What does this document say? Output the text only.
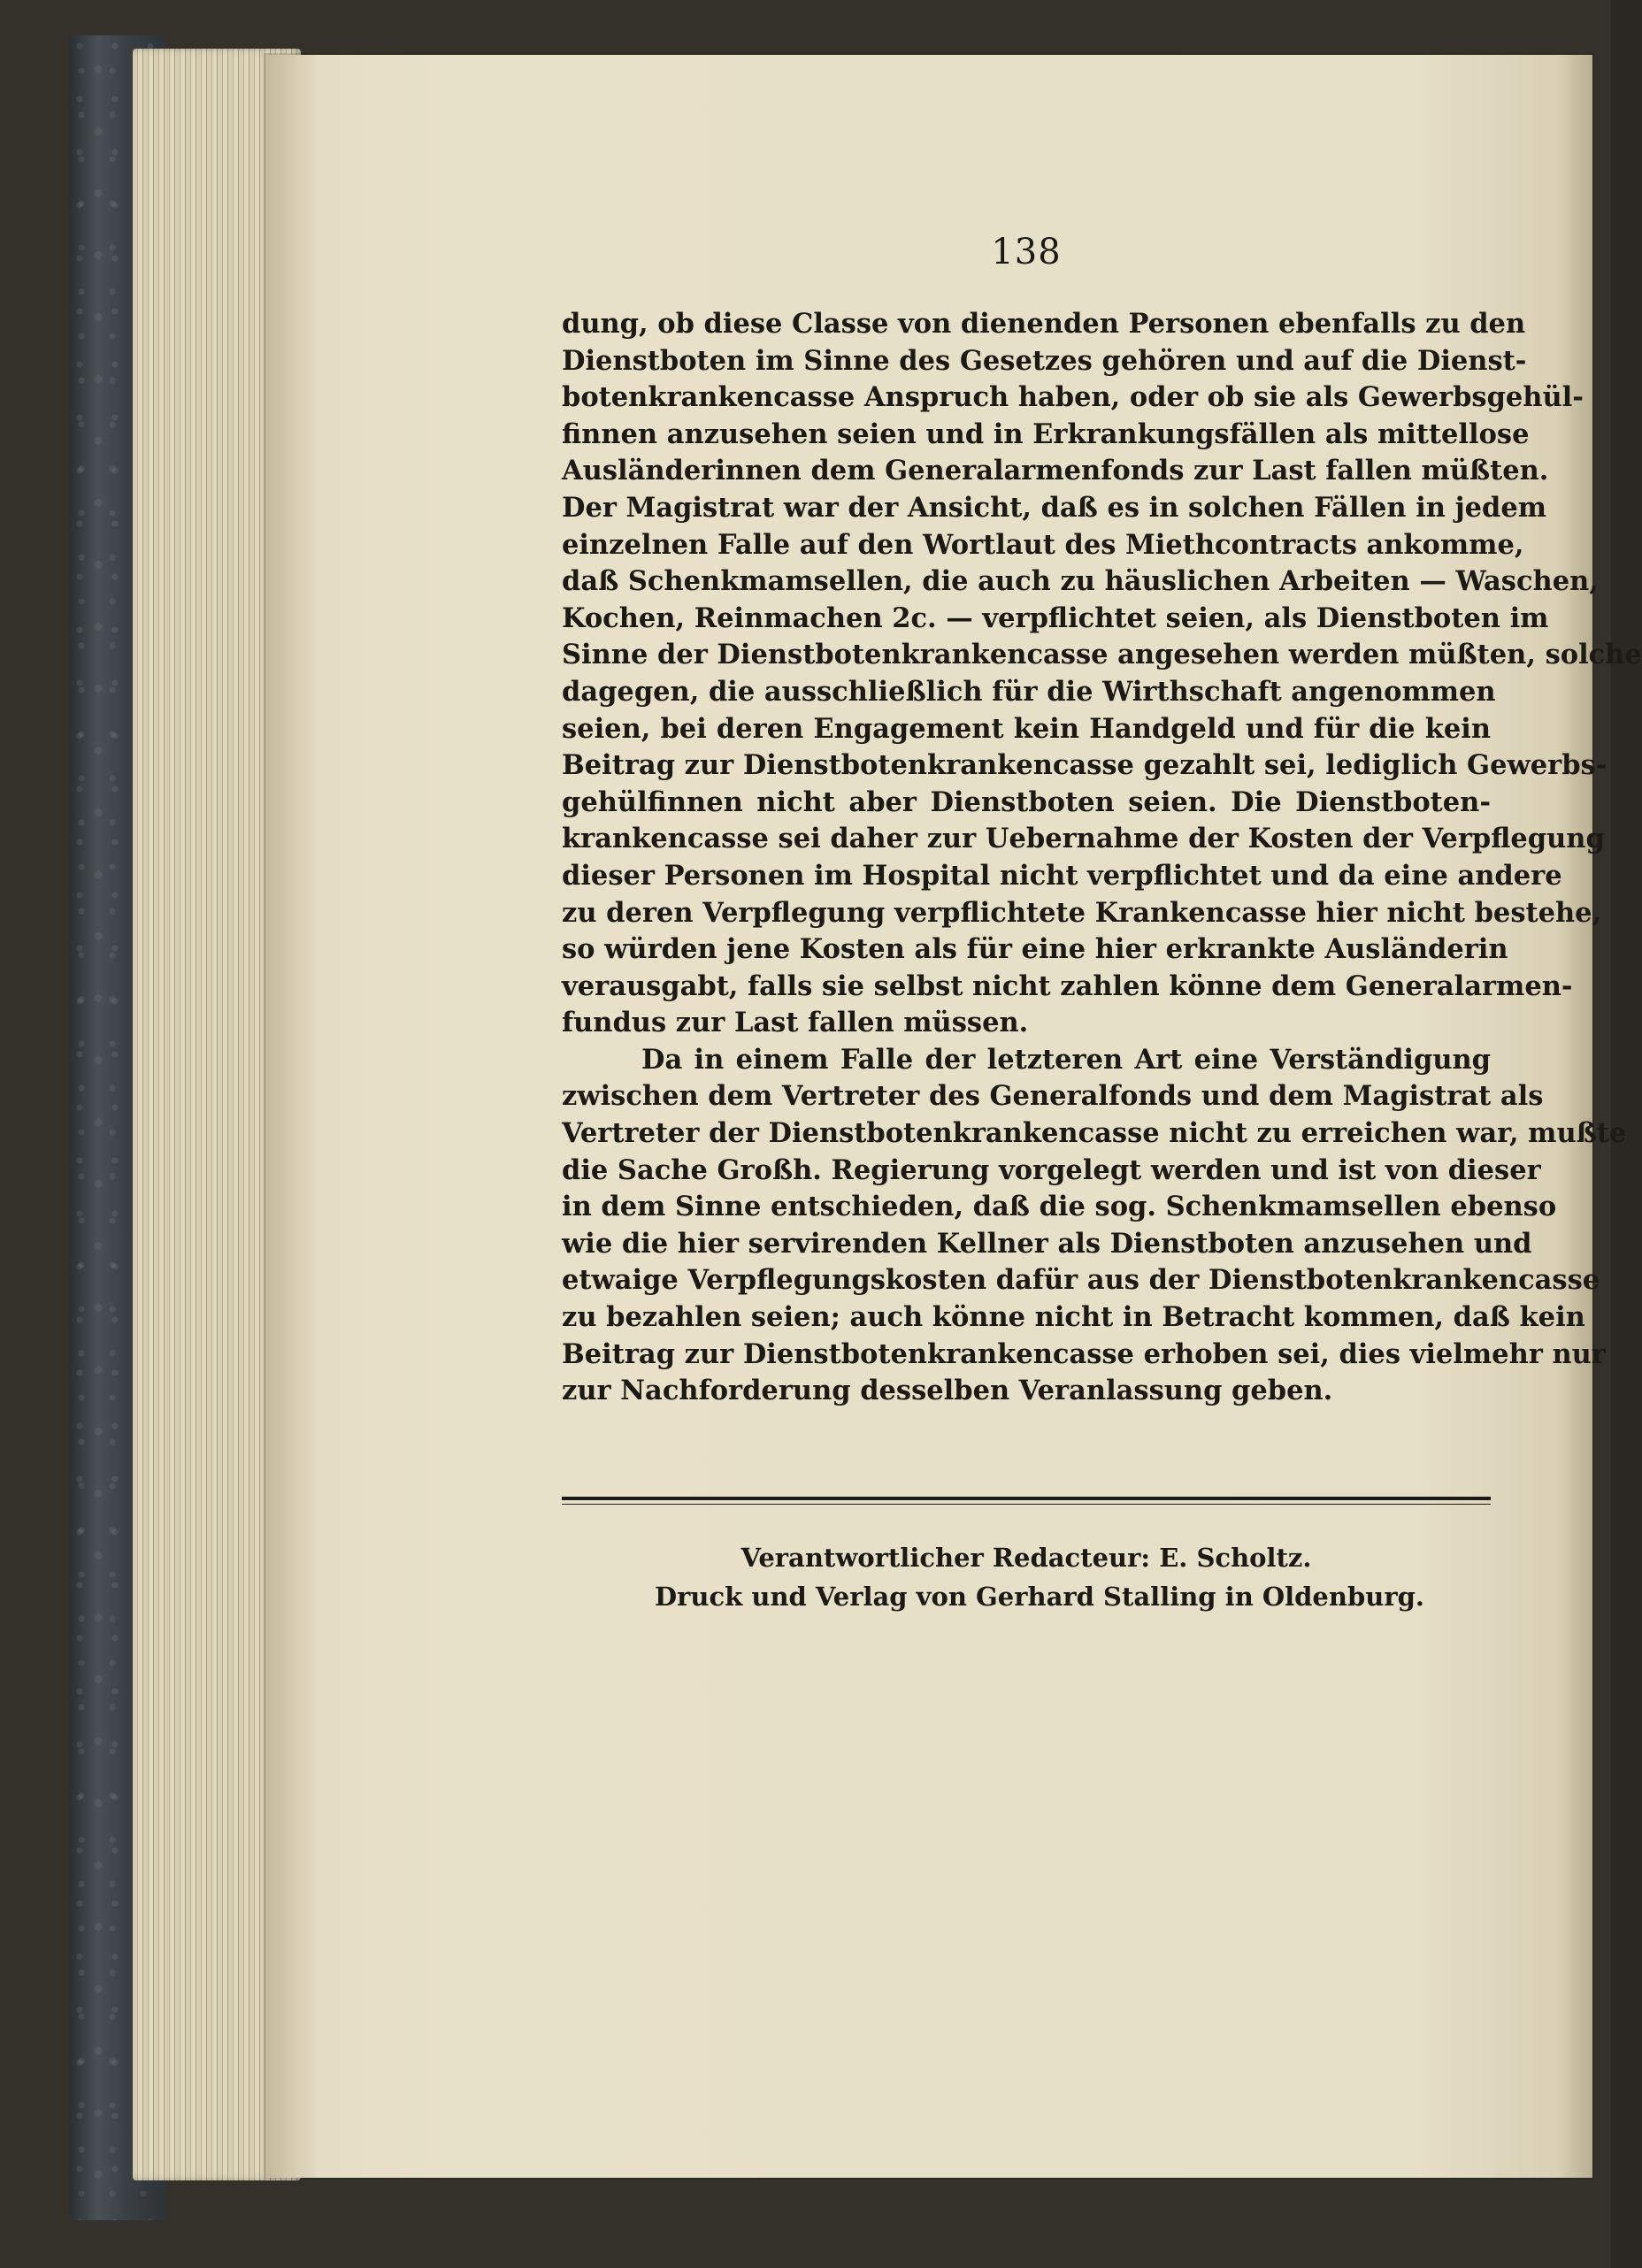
138
dung, ob diese Classe von dienenden Personen ebenfalls zu den
Dienstboten im Sinne des Gesetzes gehören und auf die Dienst-
botenkrankencasse Anspruch haben, oder ob sie als Gewerbsgehül-
finnen anzusehen seien und in Erkrankungsfällen als mittellose
Ausländerinnen dem Generalarmenfonds zur Last fallen müßten.
Der Magistrat war der Ansicht, daß es in solchen Fällen in jedem
einzelnen Falle auf den Wortlaut des Miethcontracts ankomme,
daß Schenkmamsellen, die auch zu häuslichen Arbeiten — Waschen,
Kochen, Reinmachen 2c. — verpflichtet seien, als Dienstboten im
Sinne der Dienstbotenkrankencasse angesehen werden müßten, solche
dagegen, die ausschließlich für die Wirthschaft angenommen
seien, bei deren Engagement kein Handgeld und für die kein
Beitrag zur Dienstbotenkrankencasse gezahlt sei, lediglich Gewerbs-
gehülfinnen nicht aber Dienstboten seien. Die Dienstboten-
krankencasse sei daher zur Uebernahme der Kosten der Verpflegung
dieser Personen im Hospital nicht verpflichtet und da eine andere
zu deren Verpflegung verpflichtete Krankencasse hier nicht bestehe,
so würden jene Kosten als für eine hier erkrankte Ausländerin
verausgabt, falls sie selbst nicht zahlen könne dem Generalarmen-
fundus zur Last fallen müssen.
Da in einem Falle der letzteren Art eine Verständigung
zwischen dem Vertreter des Generalfonds und dem Magistrat als
Vertreter der Dienstbotenkrankencasse nicht zu erreichen war, mußte
die Sache Großh. Regierung vorgelegt werden und ist von dieser
in dem Sinne entschieden, daß die sog. Schenkmamsellen ebenso
wie die hier servirenden Kellner als Dienstboten anzusehen und
etwaige Verpflegungskosten dafür aus der Dienstbotenkrankencasse
zu bezahlen seien; auch könne nicht in Betracht kommen, daß kein
Beitrag zur Dienstbotenkrankencasse erhoben sei, dies vielmehr nur
zur Nachforderung desselben Veranlassung geben.
Verantwortlicher Redacteur: E. Scholtz.
Druck und Verlag von Gerhard Stalling in Oldenburg.
